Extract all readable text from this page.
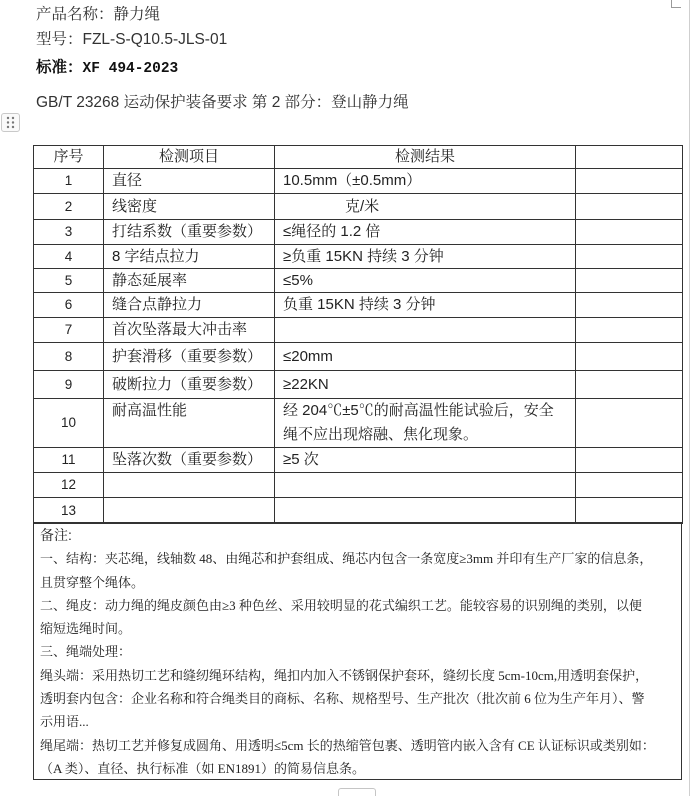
产品名称：静力绳

型号：FZL-S-Q10.5-JLS-01

标准：XF 494-2023

GB/T 23268 运动保护装备要求 第 2 部分：登山静力绳

序号	检测项目	检测结果	
1	直径	10.5mm（±0.5mm）	
2	线密度	克/米	
3	打结系数（重要参数）	≤绳径的 1.2 倍	
4	8 字结点拉力	≥负重 15KN 持续 3 分钟	
5	静态延展率	≤5%	
6	缝合点静拉力	负重 15KN 持续 3 分钟	
7	首次坠落最大冲击率		
8	护套滑移（重要参数）	≤20mm	
9	破断拉力（重要参数）	≥22KN	
10	耐高温性能	经 204℃±5℃的耐高温性能试验后，安全
绳不应出现熔融、焦化现象。	

11	坠落次数（重要参数）	≥5 次	
12			
13			
备注:
一、结构：夹芯绳，线轴数 48、由绳芯和护套组成、绳芯内包含一条宽度≥3mm 并印有生产厂家的信息条，
且贯穿整个绳体。
二、绳皮：动力绳的绳皮颜色由≥3 种色丝、采用较明显的花式编织工艺。能较容易的识别绳的类别，以便
缩短选绳时间。
三、绳端处理：
绳头端：采用热切工艺和缝纫绳环结构，绳扣内加入不锈钢保护套环，缝纫长度 5cm-10cm,用透明套保护，
透明套内包含：企业名称和符合绳类目的商标、名称、规格型号、生产批次（批次前 6 位为生产年月）、警
示用语...
绳尾端：热切工艺并修复成圆角、用透明≤5cm 长的热缩管包裹、透明管内嵌入含有 CE 认证标识或类别如：
（A 类）、直径、执行标准（如 EN1891）的简易信息条。
